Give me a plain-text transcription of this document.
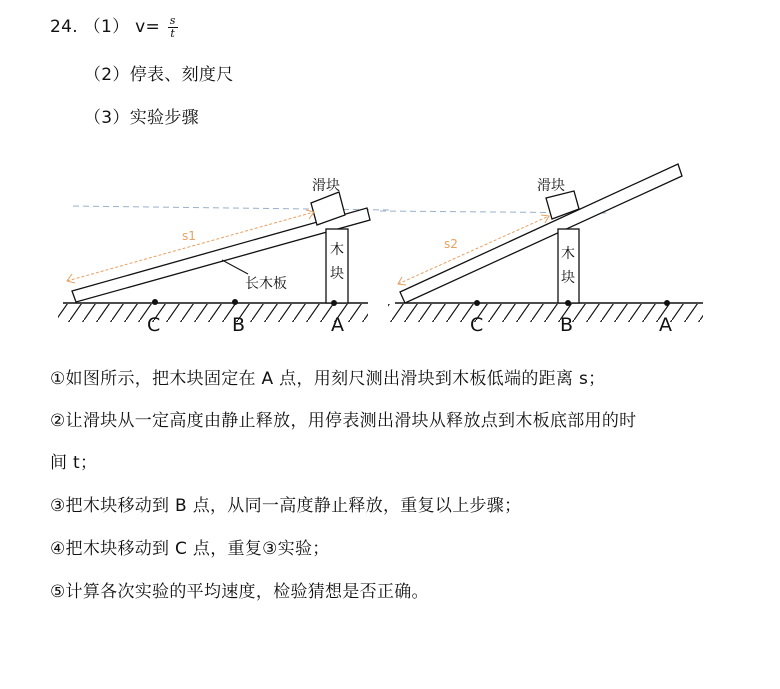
24. （1） $v= \frac{s}{t}$
（2）停表、刻度尺
（3）实验步骤
木
块
滑块
s1
长木板
C	B	A
木
块
滑块
s2
C	B	A
①如图所示，把木块固定在 A 点，用刻尺测出滑块到木板低端的距离 s；
②让滑块从一定高度由静止释放，用停表测出滑块从释放点到木板底部用的时
间 t；
③把木块移动到 B 点，从同一高度静止释放，重复以上步骤；
④把木块移动到 C 点，重复③实验；
⑤计算各次实验的平均速度，检验猜想是否正确。
